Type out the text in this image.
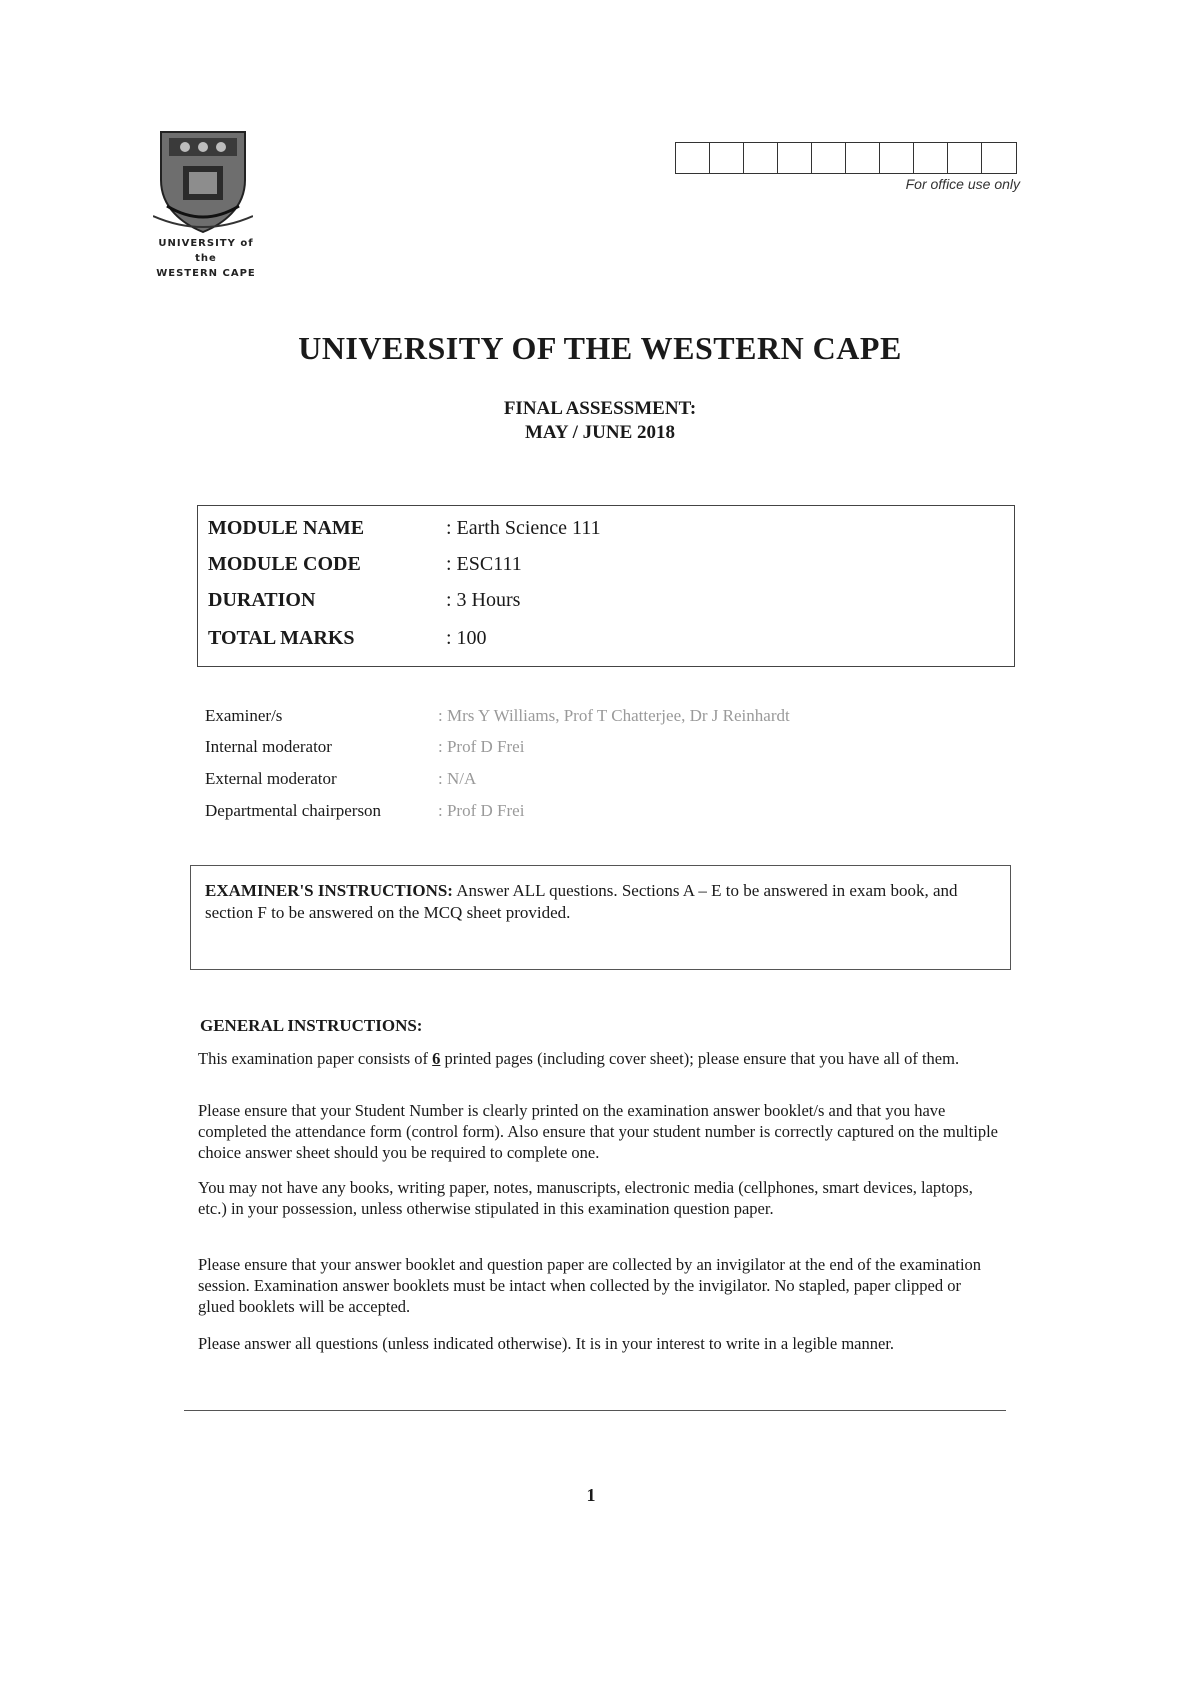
UNIVERSITY of the
WESTERN CAPE
For office use only
UNIVERSITY OF THE WESTERN CAPE
FINAL ASSESSMENT:
MAY / JUNE 2018
MODULE NAME	: Earth Science 111
MODULE CODE	: ESC111
DURATION	: 3 Hours
TOTAL MARKS	: 100
Examiner/s	: Mrs Y Williams, Prof T Chatterjee, Dr J Reinhardt
Internal moderator	: Prof D Frei
External moderator	: N/A
Departmental chairperson	: Prof D Frei
EXAMINER'S INSTRUCTIONS: Answer ALL questions. Sections A – E to be answered in exam book, and section F to be answered on the MCQ sheet provided.
GENERAL INSTRUCTIONS:
This examination paper consists of 6 printed pages (including cover sheet); please ensure that you have all of them.
Please ensure that your Student Number is clearly printed on the examination answer booklet/s and that you have completed the attendance form (control form). Also ensure that your student number is correctly captured on the multiple choice answer sheet should you be required to complete one.
You may not have any books, writing paper, notes, manuscripts, electronic media (cellphones, smart devices, laptops, etc.) in your possession, unless otherwise stipulated in this examination question paper.
Please ensure that your answer booklet and question paper are collected by an invigilator at the end of the examination session. Examination answer booklets must be intact when collected by the invigilator. No stapled, paper clipped or glued booklets will be accepted.
Please answer all questions (unless indicated otherwise). It is in your interest to write in a legible manner.
1
